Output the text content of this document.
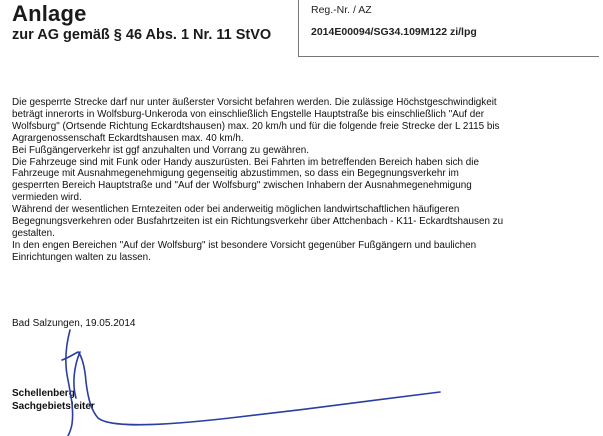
Anlage
zur AG gemäß § 46 Abs. 1 Nr. 11 StVO
Reg.-Nr. / AZ
2014E00094/SG34.109M122 zi/lpg

Die gesperrte Strecke darf nur unter äußerster Vorsicht befahren werden. Die zulässige Höchstgeschwindigkeit

beträgt innerorts in Wolfsburg-Unkeroda von einschließlich Engstelle Hauptstraße bis einschließlich "Auf der

Wolfsburg" (Ortsende Richtung Eckardtshausen) max. 20 km/h und für die folgende freie Strecke der L 2115 bis

Agrargenossenschaft Eckardtshausen max. 40 km/h.

Bei Fußgängerverkehr ist ggf anzuhalten und Vorrang zu gewähren.

Die Fahrzeuge sind mit Funk oder Handy auszurüsten. Bei Fahrten im betreffenden Bereich haben sich die

Fahrzeuge mit Ausnahmegenehmigung gegenseitig abzustimmen, so dass ein Begegnungsverkehr im

gesperrten Bereich Hauptstraße und "Auf der Wolfsburg" zwischen Inhabern der Ausnahmegenehmigung

vermieden wird.

Während der wesentlichen Erntezeiten oder bei anderweitig möglichen landwirtschaftlichen häufigeren

Begegnungsverkehren oder Busfahrtzeiten ist ein Richtungsverkehr über Attchenbach - K11- Eckardtshausen zu

gestalten.

In den engen Bereichen "Auf der Wolfsburg" ist besondere Vorsicht gegenüber Fußgängern und baulichen

Einrichtungen walten zu lassen.

Bad Salzungen, 19.05.2014
Schellenberg
Sachgebietsleiter
